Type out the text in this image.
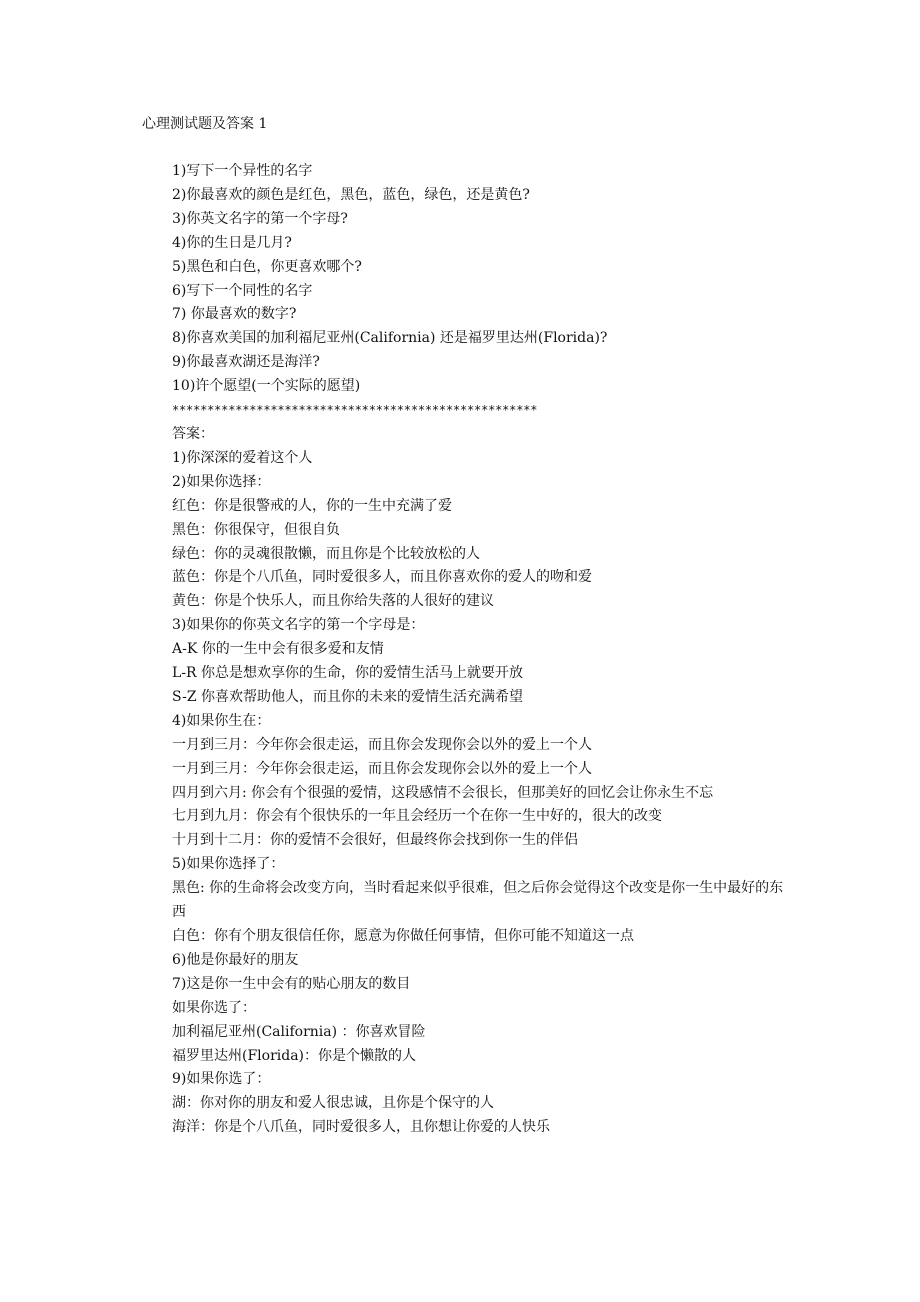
心理测试题及答案 1
1)写下一个异性的名字
2)你最喜欢的颜色是红色，黑色，蓝色，绿色，还是黄色?
3)你英文名字的第一个字母?
4)你的生日是几月?
5)黑色和白色，你更喜欢哪个?
6)写下一个同性的名字
7) 你最喜欢的数字?
8)你喜欢美国的加利福尼亚州(California) 还是福罗里达州(Florida)?
9)你最喜欢湖还是海洋?
10)许个愿望(一个实际的愿望)
****************************************************
答案：
1)你深深的爱着这个人
2)如果你选择：
红色：你是很警戒的人，你的一生中充满了爱
黑色：你很保守，但很自负
绿色：你的灵魂很散懒，而且你是个比较放松的人
蓝色：你是个八爪鱼，同时爱很多人，而且你喜欢你的爱人的吻和爱
黄色：你是个快乐人，而且你给失落的人很好的建议
3)如果你的你英文名字的第一个字母是：
A-K 你的一生中会有很多爱和友情
L-R 你总是想欢享你的生命，你的爱情生活马上就要开放
S-Z 你喜欢帮助他人，而且你的未来的爱情生活充满希望
4)如果你生在：
一月到三月：今年你会很走运，而且你会发现你会以外的爱上一个人
一月到三月：今年你会很走运，而且你会发现你会以外的爱上一个人
四月到六月: 你会有个很强的爱情，这段感情不会很长，但那美好的回忆会让你永生不忘
七月到九月：你会有个很快乐的一年且会经历一个在你一生中好的，很大的改变
十月到十二月：你的爱情不会很好，但最终你会找到你一生的伴侣
5)如果你选择了：
黑色: 你的生命将会改变方向，当时看起来似乎很难，但之后你会觉得这个改变是你一生中最好的东西
白色：你有个朋友很信任你，愿意为你做任何事情，但你可能不知道这一点
6)他是你最好的朋友
7)这是你一生中会有的贴心朋友的数目
如果你选了：
加利福尼亚州(California) ：你喜欢冒险
福罗里达州(Florida)：你是个懒散的人
9)如果你选了：
湖：你对你的朋友和爱人很忠诚，且你是个保守的人
海洋：你是个八爪鱼，同时爱很多人，且你想让你爱的人快乐
